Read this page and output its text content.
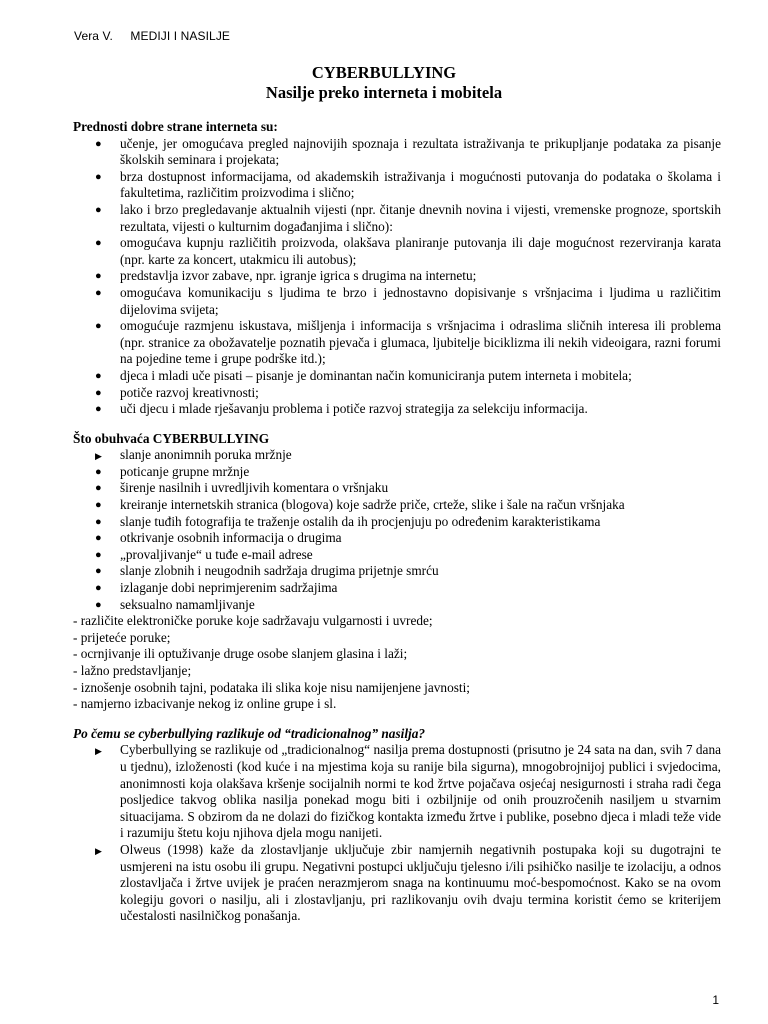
Vera V. MEDIJI I NASILJE
CYBERBULLYING
Nasilje preko interneta i mobitela

Prednosti dobre strane interneta su:

● učenje, jer omogućava pregled najnovijih spoznaja i rezultata istraživanja te prikupljanje podataka za pisanje školskih seminara i projekata;
● brza dostupnost informacijama, od akademskih istraživanja i mogućnosti putovanja do podataka o školama i fakultetima, različitim proizvodima i slično;
● lako i brzo pregledavanje aktualnih vijesti (npr. čitanje dnevnih novina i vijesti, vremenske prognoze, sportskih rezultata, vijesti o kulturnim događanjima i slično):
● omogućava kupnju različitih proizvoda, olakšava planiranje putovanja ili daje mogućnost rezerviranja karata (npr. karte za koncert, utakmicu ili autobus);
● predstavlja izvor zabave, npr. igranje igrica s drugima na internetu;
● omogućava komunikaciju s ljudima te brzo i jednostavno dopisivanje s vršnjacima i ljudima u različitim dijelovima svijeta;
● omogućuje razmjenu iskustava, mišljenja i informacija s vršnjacima i odraslima sličnih interesa ili problema (npr. stranice za obožavatelje poznatih pjevača i glumaca, ljubitelje biciklizma ili nekih videoigara, razni forumi na pojedine teme i grupe podrške itd.);
● djeca i mladi uče pisati – pisanje je dominantan način komuniciranja putem interneta i mobitela;
● potiče razvoj kreativnosti;
● uči djecu i mlade rješavanju problema i potiče razvoj strategija za selekciju informacija.

Što obuhvaća CYBERBULLYING

▶ slanje anonimnih poruka mržnje
● poticanje grupne mržnje
● širenje nasilnih i uvredljivih komentara o vršnjaku
● kreiranje internetskih stranica (blogova) koje sadrže priče, crteže, slike i šale na račun vršnjaka
● slanje tuđih fotografija te traženje ostalih da ih procjenjuju po određenim karakteristikama
● otkrivanje osobnih informacija o drugima
● „provaljivanje“ u tuđe e-mail adrese
● slanje zlobnih i neugodnih sadržaja drugima prijetnje smrću
● izlaganje dobi neprimjerenim sadržajima
● seksualno namamljivanje
- različite elektroničke poruke koje sadržavaju vulgarnosti i uvrede;
- prijeteće poruke;
- ocrnjivanje ili optuživanje druge osobe slanjem glasina i laži;
- lažno predstavljanje;
- iznošenje osobnih tajni, podataka ili slika koje nisu namijenjene javnosti;
- namjerno izbacivanje nekog iz online grupe i sl.

Po čemu se cyberbullying razlikuje od “tradicionalnog” nasilja?

▶ Cyberbullying se razlikuje od „tradicionalnog“ nasilja prema dostupnosti (prisutno je 24 sata na dan, svih 7 dana u tjednu), izloženosti (kod kuće i na mjestima koja su ranije bila sigurna), mnogobrojnijoj publici i svjedocima, anonimnosti koja olakšava kršenje socijalnih normi te kod žrtve pojačava osjećaj nesigurnosti i straha radi čega posljedice takvog oblika nasilja ponekad mogu biti i ozbiljnije od onih prouzročenih nasiljem u stvarnim situacijama. S obzirom da ne dolazi do fizičkog kontakta između žrtve i publike, posebno djeca i mladi teže vide i razumiju štetu koju njihova djela mogu nanijeti.
▶ Olweus (1998) kaže da zlostavljanje uključuje zbir namjernih negativnih postupaka koji su dugotrajni te usmjereni na istu osobu ili grupu. Negativni postupci uključuju tjelesno i/ili psihičko nasilje te izolaciju, a odnos zlostavljača i žrtve uvijek je praćen nerazmjerom snaga na kontinuumu moć-bespomoćnost. Kako se na ovom kolegiju govori o nasilju, ali i zlostavljanju, pri razlikovanju ovih dvaju termina koristit ćemo se kriterijem učestalosti nasilničkog ponašanja.
1
